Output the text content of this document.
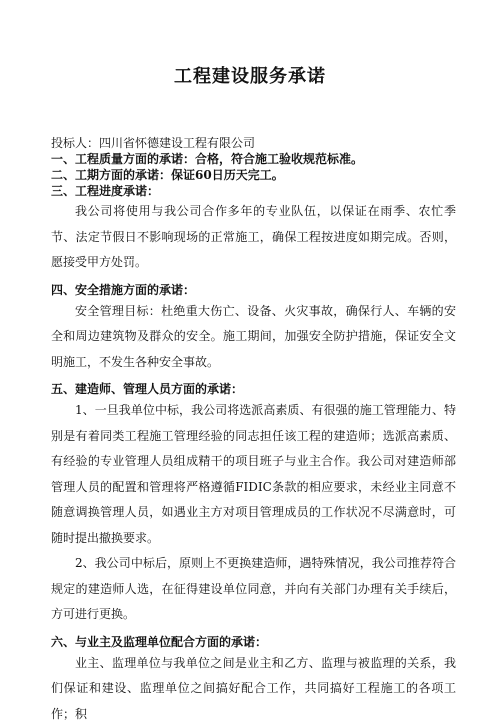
工程建设服务承诺
投标人：四川省怀德建设工程有限公司
一、工程质量方面的承诺：合格，符合施工验收规范标准。
二、工期方面的承诺：保证60日历天完工。
三、工程进度承诺：

我公司将使用与我公司合作多年的专业队伍，以保证在雨季、农忙季节、法定节假日不影响现场的正常施工，确保工程按进度如期完成。否则，愿接受甲方处罚。

四、安全措施方面的承诺：

安全管理目标：杜绝重大伤亡、设备、火灾事故，确保行人、车辆的安全和周边建筑物及群众的安全。施工期间，加强安全防护措施，保证安全文明施工，不发生各种安全事故。

五、建造师、管理人员方面的承诺：

1、一旦我单位中标，我公司将选派高素质、有很强的施工管理能力、特别是有着同类工程施工管理经验的同志担任该工程的建造师；选派高素质、有经验的专业管理人员组成精干的项目班子与业主合作。我公司对建造师部管理人员的配置和管理将严格遵循FIDIC条款的相应要求，未经业主同意不随意调换管理人员，如遇业主方对项目管理成员的工作状况不尽满意时，可随时提出撤换要求。

2、我公司中标后，原则上不更换建造师，遇特殊情况，我公司推荐符合规定的建造师人选，在征得建设单位同意，并向有关部门办理有关手续后，方可进行更换。

六、与业主及监理单位配合方面的承诺：

业主、监理单位与我单位之间是业主和乙方、监理与被监理的关系，我们保证和建设、监理单位之间搞好配合工作，共同搞好工程施工的各项工作；积
